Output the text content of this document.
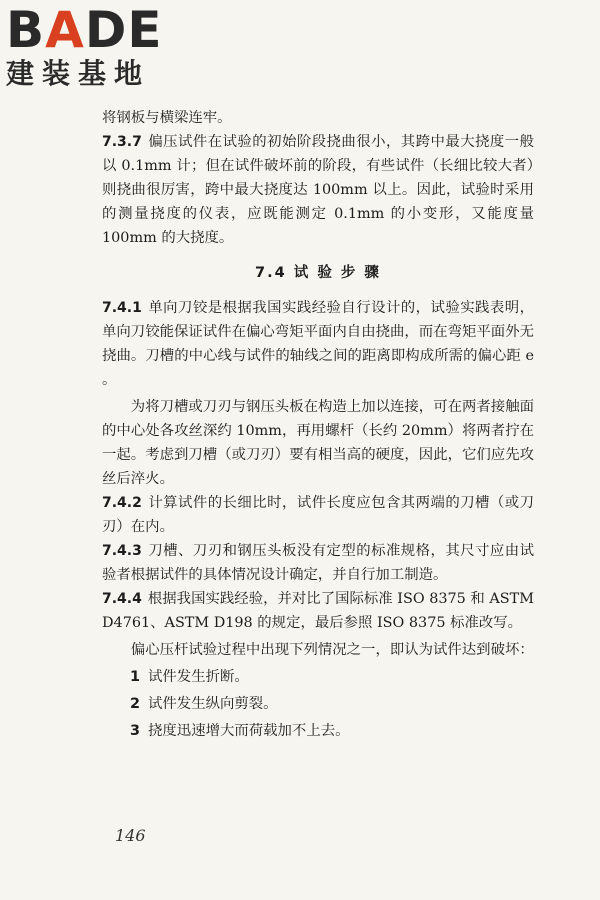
BADE
建装基地

将钢板与横梁连牢。

7.3.7 偏压试件在试验的初始阶段挠曲很小，其跨中最大挠度一般以 0.1mm 计；但在试件破坏前的阶段，有些试件（长细比较大者）则挠曲很厉害，跨中最大挠度达 100mm 以上。因此，试验时采用的测量挠度的仪表，应既能测定 0.1mm 的小变形，又能度量 100mm 的大挠度。

7.4 试 验 步 骤

7.4.1 单向刀铰是根据我国实践经验自行设计的，试验实践表明，单向刀铰能保证试件在偏心弯矩平面内自由挠曲，而在弯矩平面外无挠曲。刀槽的中心线与试件的轴线之间的距离即构成所需的偏心距 e 。

为将刀槽或刀刃与钢压头板在构造上加以连接，可在两者接触面的中心处各攻丝深约 10mm，再用螺杆（长约 20mm）将两者拧在一起。考虑到刀槽（或刀刃）要有相当高的硬度，因此，它们应先攻丝后淬火。

7.4.2 计算试件的长细比时，试件长度应包含其两端的刀槽（或刀刃）在内。

7.4.3 刀槽、刀刃和钢压头板没有定型的标准规格，其尺寸应由试验者根据试件的具体情况设计确定，并自行加工制造。

7.4.4 根据我国实践经验，并对比了国际标准 ISO 8375 和 ASTM D4761、ASTM D198 的规定，最后参照 ISO 8375 标准改写。

偏心压杆试验过程中出现下列情况之一，即认为试件达到破坏：

1 试件发生折断。

2 试件发生纵向剪裂。

3 挠度迅速增大而荷载加不上去。

146
